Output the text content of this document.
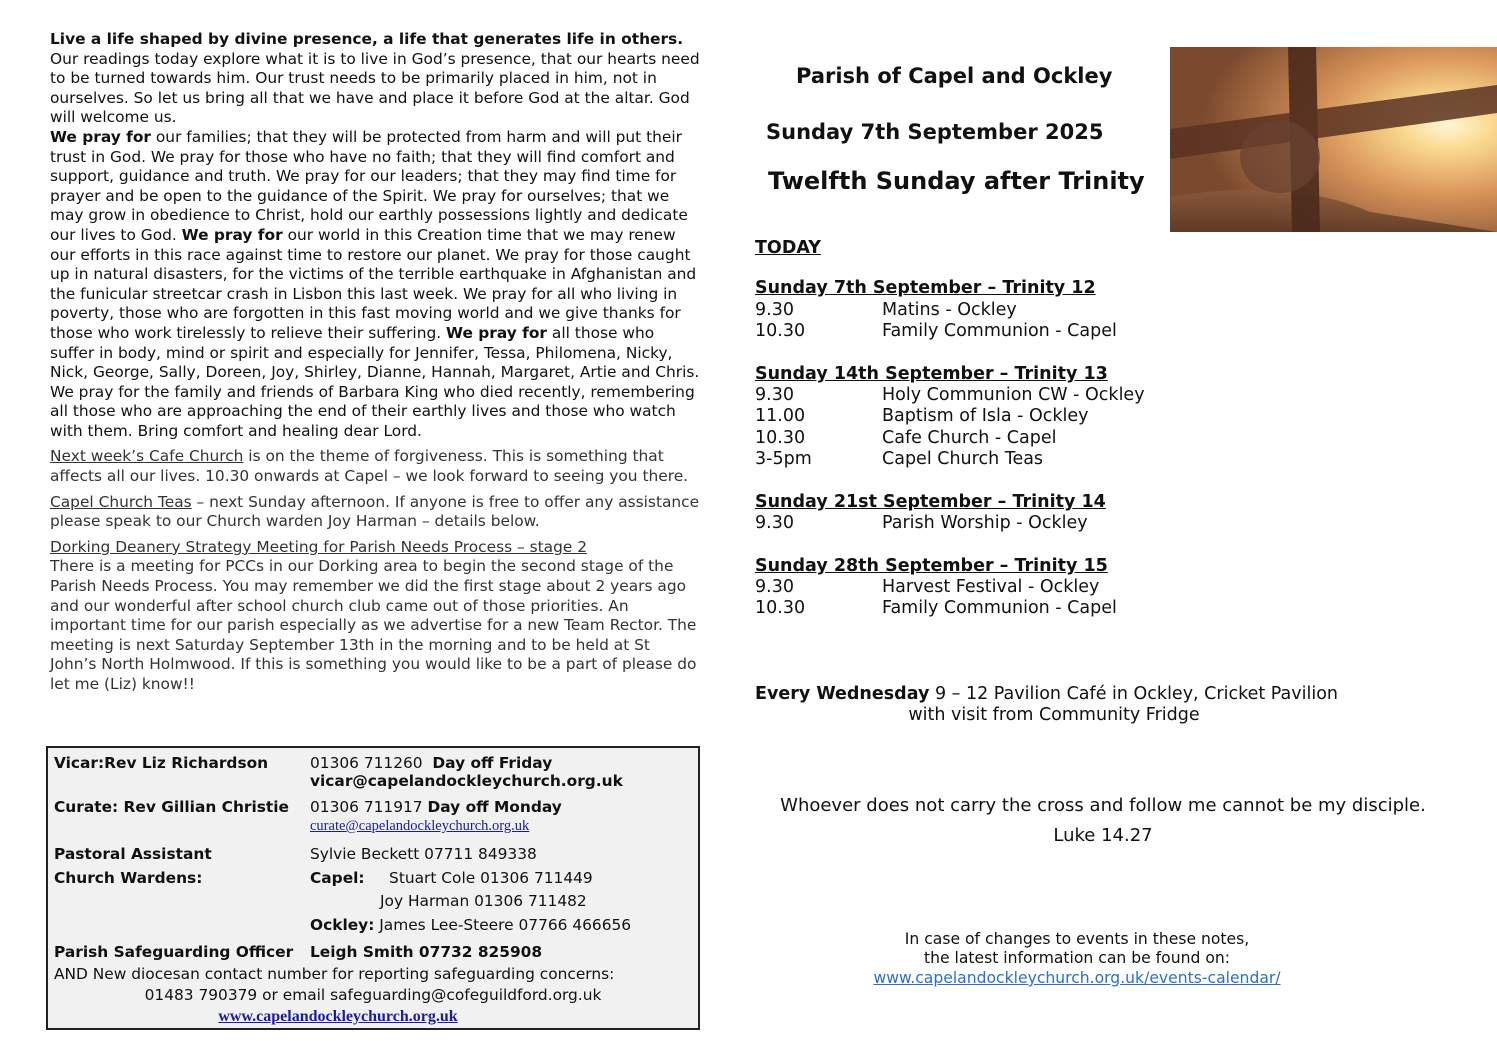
Live a life shaped by divine presence, a life that generates life in others. Our readings today explore what it is to live in God’s presence, that our hearts need to be turned towards him. Our trust needs to be primarily placed in him, not in ourselves. So let us bring all that we have and place it before God at the altar. God will welcome us.

We pray for our families; that they will be protected from harm and will put their trust in God. We pray for those who have no faith; that they will find comfort and support, guidance and truth. We pray for our leaders; that they may find time for prayer and be open to the guidance of the Spirit. We pray for ourselves; that we may grow in obedience to Christ, hold our earthly possessions lightly and dedicate our lives to God. We pray for our world in this Creation time that we may renew our efforts in this race against time to restore our planet. We pray for those caught up in natural disasters, for the victims of the terrible earthquake in Afghanistan and the funicular streetcar crash in Lisbon this last week. We pray for all who living in poverty, those who are forgotten in this fast moving world and we give thanks for those who work tirelessly to relieve their suffering. We pray for all those who suffer in body, mind or spirit and especially for Jennifer, Tessa, Philomena, Nicky, Nick, George, Sally, Doreen, Joy, Shirley, Dianne, Hannah, Margaret, Artie and Chris. We pray for the family and friends of Barbara King who died recently, remembering all those who are approaching the end of their earthly lives and those who watch with them. Bring comfort and healing dear Lord.

Next week’s Cafe Church is on the theme of forgiveness. This is something that affects all our lives. 10.30 onwards at Capel – we look forward to seeing you there.

Capel Church Teas – next Sunday afternoon. If anyone is free to offer any assistance please speak to our Church warden Joy Harman – details below.

Dorking Deanery Strategy Meeting for Parish Needs Process – stage 2
There is a meeting for PCCs in our Dorking area to begin the second stage of the Parish Needs Process. You may remember we did the first stage about 2 years ago and our wonderful after school church club came out of those priorities. An important time for our parish especially as we advertise for a new Team Rector. The meeting is next Saturday September 13th in the morning and to be held at St John’s North Holmwood. If this is something you would like to be a part of please do let me (Liz) know!!

Vicar:Rev Liz Richardson	01306 711260 Day off Friday
vicar@capelandockleychurch.org.uk
Curate: Rev Gillian Christie 01306 711917 Day off Monday
curate@capelandockleychurch.org.uk
Pastoral Assistant	Sylvie Beckett 07711 849338
Church Wardens:	Capel: Stuart Cole 01306 711449
Joy Harman 01306 711482
Ockley: James Lee-Steere 07766 466656
Parish Safeguarding Officer Leigh Smith 07732 825908
AND New diocesan contact number for reporting safeguarding concerns:
01483 790379 or email safeguarding@cofeguildford.org.uk
www.capelandockleychurch.org.uk
Parish of Capel and Ockley
Sunday 7th September 2025
Twelfth Sunday after Trinity
TODAY
Sunday 7th September – Trinity 12
9.30	Matins - Ockley
10.30	Family Communion - Capel
Sunday 14th September – Trinity 13
9.30	Holy Communion CW - Ockley
11.00	Baptism of Isla - Ockley
10.30	Cafe Church - Capel
3-5pm	Capel Church Teas
Sunday 21st September – Trinity 14
9.30	Parish Worship - Ockley
Sunday 28th September – Trinity 15
9.30	Harvest Festival - Ockley
10.30	Family Communion - Capel
Every Wednesday 9 – 12 Pavilion Café in Ockley, Cricket Pavilion
with visit from Community Fridge
Whoever does not carry the cross and follow me cannot be my disciple.
Luke 14.27
In case of changes to events in these notes,
the latest information can be found on:
www.capelandockleychurch.org.uk/events-calendar/
